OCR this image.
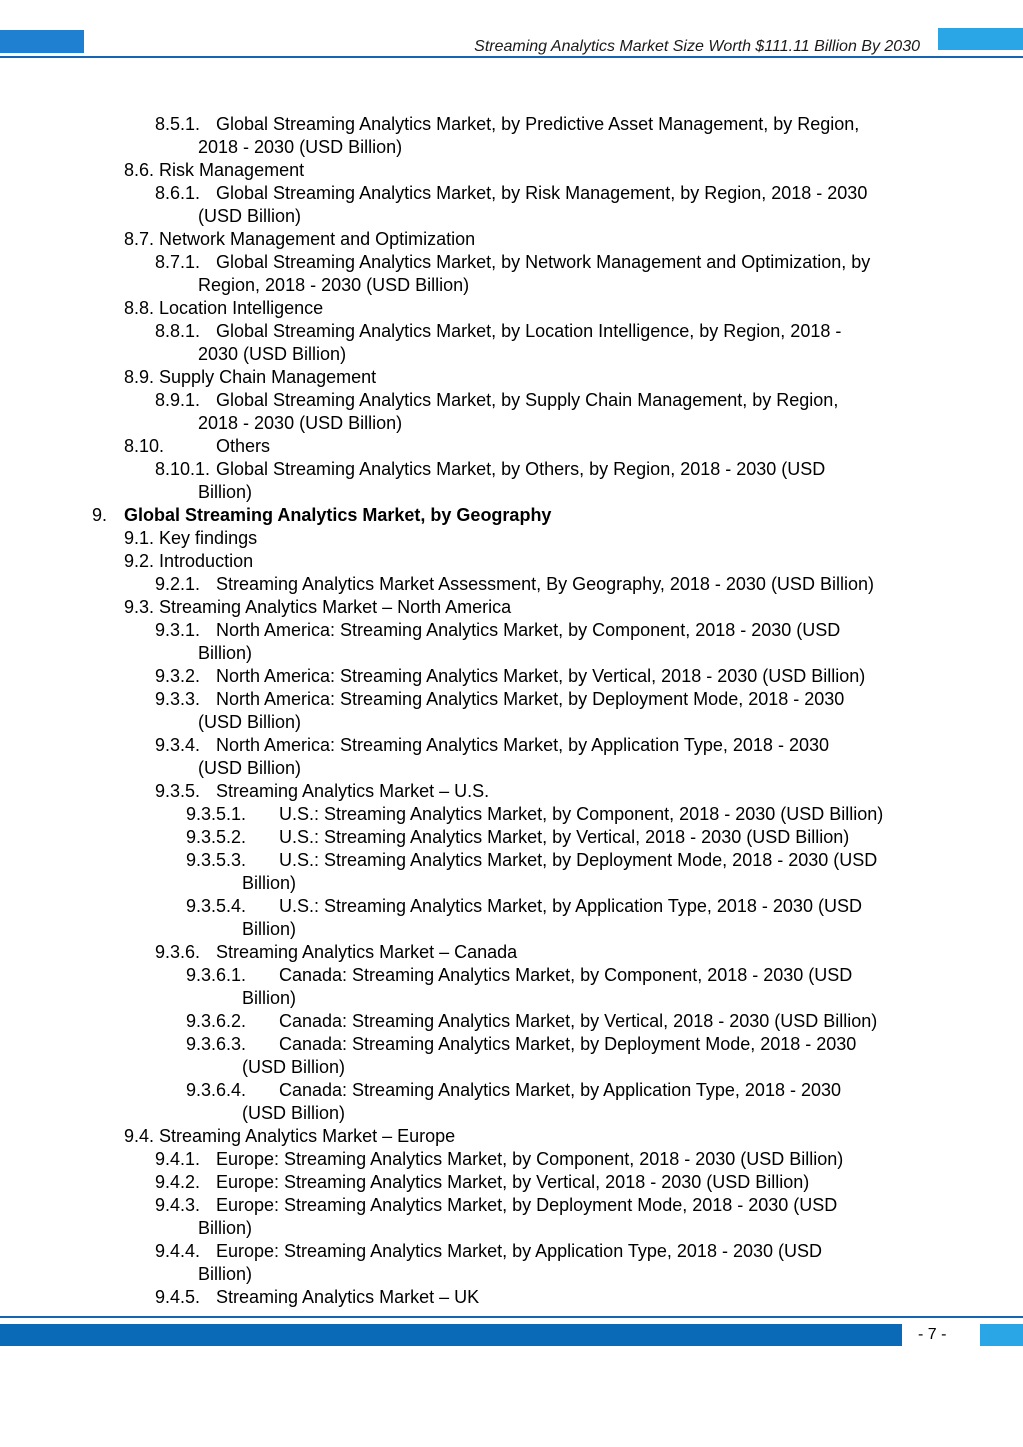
Streaming Analytics Market Size Worth $111.11 Billion By 2030
8.5.1. Global Streaming Analytics Market, by Predictive Asset Management, by Region,
2018 - 2030 (USD Billion)
8.6. Risk Management
8.6.1. Global Streaming Analytics Market, by Risk Management, by Region, 2018 - 2030
(USD Billion)
8.7. Network Management and Optimization
8.7.1. Global Streaming Analytics Market, by Network Management and Optimization, by
Region, 2018 - 2030 (USD Billion)
8.8. Location Intelligence
8.8.1. Global Streaming Analytics Market, by Location Intelligence, by Region, 2018 -
2030 (USD Billion)
8.9. Supply Chain Management
8.9.1. Global Streaming Analytics Market, by Supply Chain Management, by Region,
2018 - 2030 (USD Billion)
8.10.	Others
8.10.1. Global Streaming Analytics Market, by Others, by Region, 2018 - 2030 (USD
Billion)
9. Global Streaming Analytics Market, by Geography
9.1. Key findings
9.2. Introduction
9.2.1. Streaming Analytics Market Assessment, By Geography, 2018 - 2030 (USD Billion)
9.3. Streaming Analytics Market – North America
9.3.1. North America: Streaming Analytics Market, by Component, 2018 - 2030 (USD
Billion)
9.3.2. North America: Streaming Analytics Market, by Vertical, 2018 - 2030 (USD Billion)
9.3.3. North America: Streaming Analytics Market, by Deployment Mode, 2018 - 2030
(USD Billion)
9.3.4. North America: Streaming Analytics Market, by Application Type, 2018 - 2030
(USD Billion)
9.3.5. Streaming Analytics Market – U.S.
9.3.5.1. U.S.: Streaming Analytics Market, by Component, 2018 - 2030 (USD Billion)
9.3.5.2. U.S.: Streaming Analytics Market, by Vertical, 2018 - 2030 (USD Billion)
9.3.5.3. U.S.: Streaming Analytics Market, by Deployment Mode, 2018 - 2030 (USD
Billion)
9.3.5.4. U.S.: Streaming Analytics Market, by Application Type, 2018 - 2030 (USD
Billion)
9.3.6. Streaming Analytics Market – Canada
9.3.6.1. Canada: Streaming Analytics Market, by Component, 2018 - 2030 (USD
Billion)
9.3.6.2. Canada: Streaming Analytics Market, by Vertical, 2018 - 2030 (USD Billion)
9.3.6.3. Canada: Streaming Analytics Market, by Deployment Mode, 2018 - 2030
(USD Billion)
9.3.6.4. Canada: Streaming Analytics Market, by Application Type, 2018 - 2030
(USD Billion)
9.4. Streaming Analytics Market – Europe
9.4.1. Europe: Streaming Analytics Market, by Component, 2018 - 2030 (USD Billion)
9.4.2. Europe: Streaming Analytics Market, by Vertical, 2018 - 2030 (USD Billion)
9.4.3. Europe: Streaming Analytics Market, by Deployment Mode, 2018 - 2030 (USD
Billion)
9.4.4. Europe: Streaming Analytics Market, by Application Type, 2018 - 2030 (USD
Billion)
9.4.5. Streaming Analytics Market – UK
- 7 -
